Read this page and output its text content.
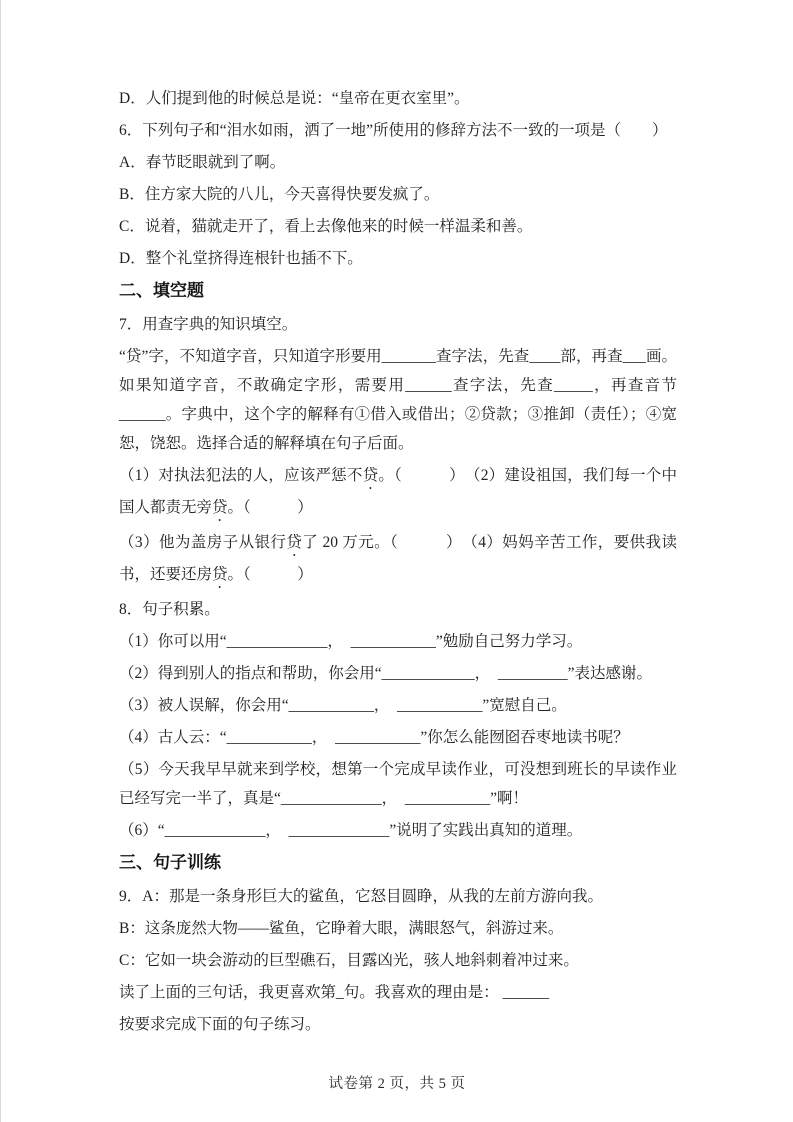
D．人们提到他的时候总是说：“皇帝在更衣室里”。

6．下列句子和“泪水如雨，洒了一地”所使用的修辞方法不一致的一项是（　　）

A．春节眨眼就到了啊。

B．住方家大院的八儿，今天喜得快要发疯了。

C．说着，猫就走开了，看上去像他来的时候一样温柔和善。

D．整个礼堂挤得连根针也插不下。

二、填空题

7．用查字典的知识填空。

“贷”字，不知道字音，只知道字形要用_______查字法，先查____部，再查___画。如果知道字音，不敢确定字形，需要用______查字法，先查_____，再查音节______。字典中，这个字的解释有①借入或借出；②贷款；③推卸（责任）；④宽恕，饶恕。选择合适的解释填在句子后面。

（1）对执法犯法的人，应该严惩不贷。（　　　）　（2）建设祖国，我们每一个中国人都责无旁贷。（　　　）

（3）他为盖房子从银行贷了 20 万元。（　　　）　（4）妈妈辛苦工作，要供我读书，还要还房贷。（　　　）

8．句子积累。

（1）你可以用“_____________，　___________”勉励自己努力学习。

（2）得到别人的指点和帮助，你会用“____________，　_________”表达感谢。

（3）被人误解，你会用“___________，　___________”宽慰自己。

（4）古人云：“___________，　___________”你怎么能囫囵吞枣地读书呢？

（5）今天我早早就来到学校，想第一个完成早读作业，可没想到班长的早读作业已经写完一半了，真是“_____________，　___________”啊！

（6）“_____________，　_____________”说明了实践出真知的道理。

三、句子训练

9．A：那是一条身形巨大的鲨鱼，它怒目圆睁，从我的左前方游向我。

B：这条庞然大物——鲨鱼，它睁着大眼，满眼怒气，斜游过来。

C：它如一块会游动的巨型礁石，目露凶光，骇人地斜刺着冲过来。

读了上面的三句话，我更喜欢第_句。我喜欢的理由是： ______

按要求完成下面的句子练习。

试卷第 2 页，共 5 页
